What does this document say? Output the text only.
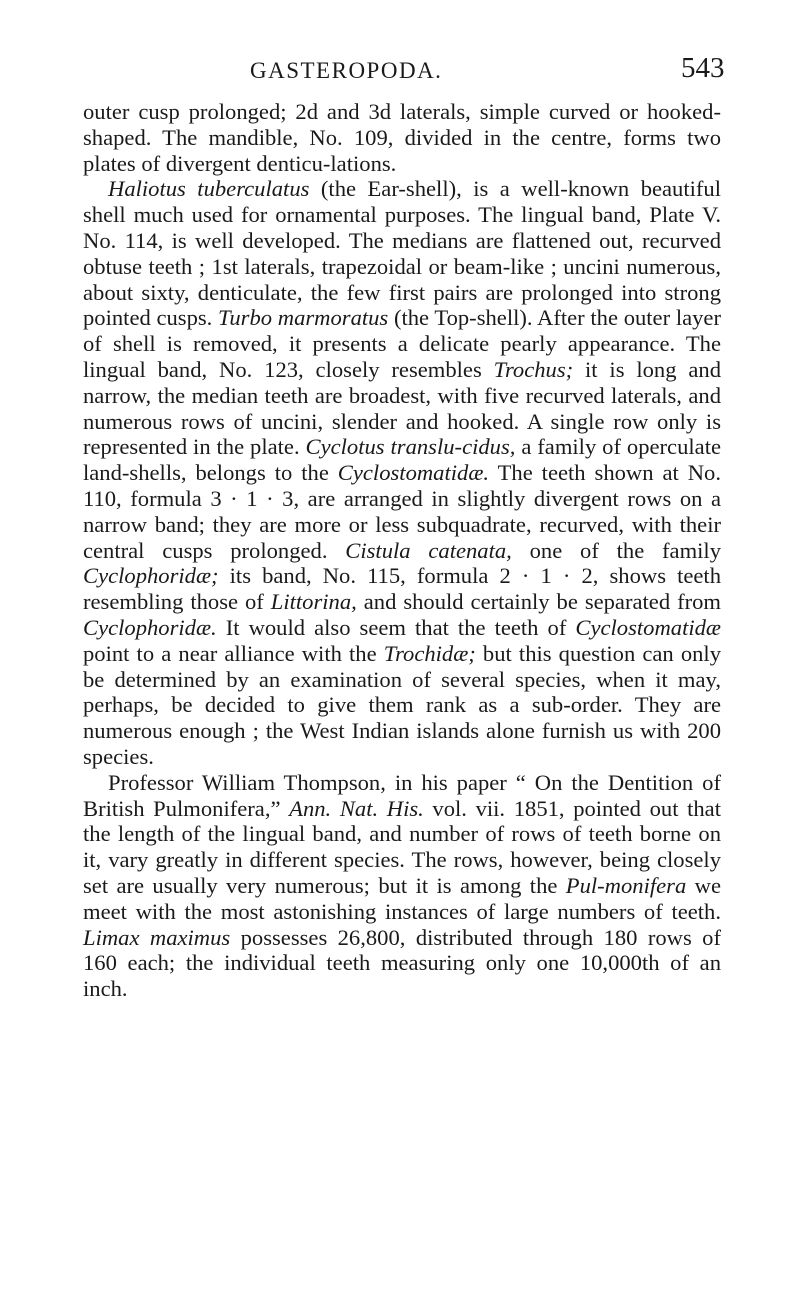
GASTEROPODA.	543

outer cusp prolonged; 2d and 3d laterals, simple curved or hooked-shaped. The mandible, No. 109, divided in the centre, forms two plates of divergent denticu-lations.

Haliotus tuberculatus (the Ear-shell), is a well-known beautiful shell much used for ornamental purposes. The lingual band, Plate V. No. 114, is well developed. The medians are flattened out, recurved obtuse teeth ; 1st laterals, trapezoidal or beam-like ; uncini numerous, about sixty, denticulate, the few first pairs are prolonged into strong pointed cusps. Turbo marmoratus (the Top-shell). After the outer layer of shell is removed, it presents a delicate pearly appearance. The lingual band, No. 123, closely resembles Trochus; it is long and narrow, the median teeth are broadest, with five recurved laterals, and numerous rows of uncini, slender and hooked. A single row only is represented in the plate. Cyclotus translu-cidus, a family of operculate land-shells, belongs to the Cyclostomatidæ. The teeth shown at No. 110, formula 3 · 1 · 3, are arranged in slightly divergent rows on a narrow band; they are more or less subquadrate, recurved, with their central cusps prolonged. Cistula catenata, one of the family Cyclophoridæ; its band, No. 115, formula 2 · 1 · 2, shows teeth resembling those of Littorina, and should certainly be separated from Cyclophoridæ. It would also seem that the teeth of Cyclostomatidæ point to a near alliance with the Trochidæ; but this question can only be determined by an examination of several species, when it may, perhaps, be decided to give them rank as a sub-order. They are numerous enough ; the West Indian islands alone furnish us with 200 species.

Professor William Thompson, in his paper “ On the Dentition of British Pulmonifera,” Ann. Nat. His. vol. vii. 1851, pointed out that the length of the lingual band, and number of rows of teeth borne on it, vary greatly in different species. The rows, however, being closely set are usually very numerous; but it is among the Pul-monifera we meet with the most astonishing instances of large numbers of teeth. Limax maximus possesses 26,800, distributed through 180 rows of 160 each; the individual teeth measuring only one 10,000th of an inch.
